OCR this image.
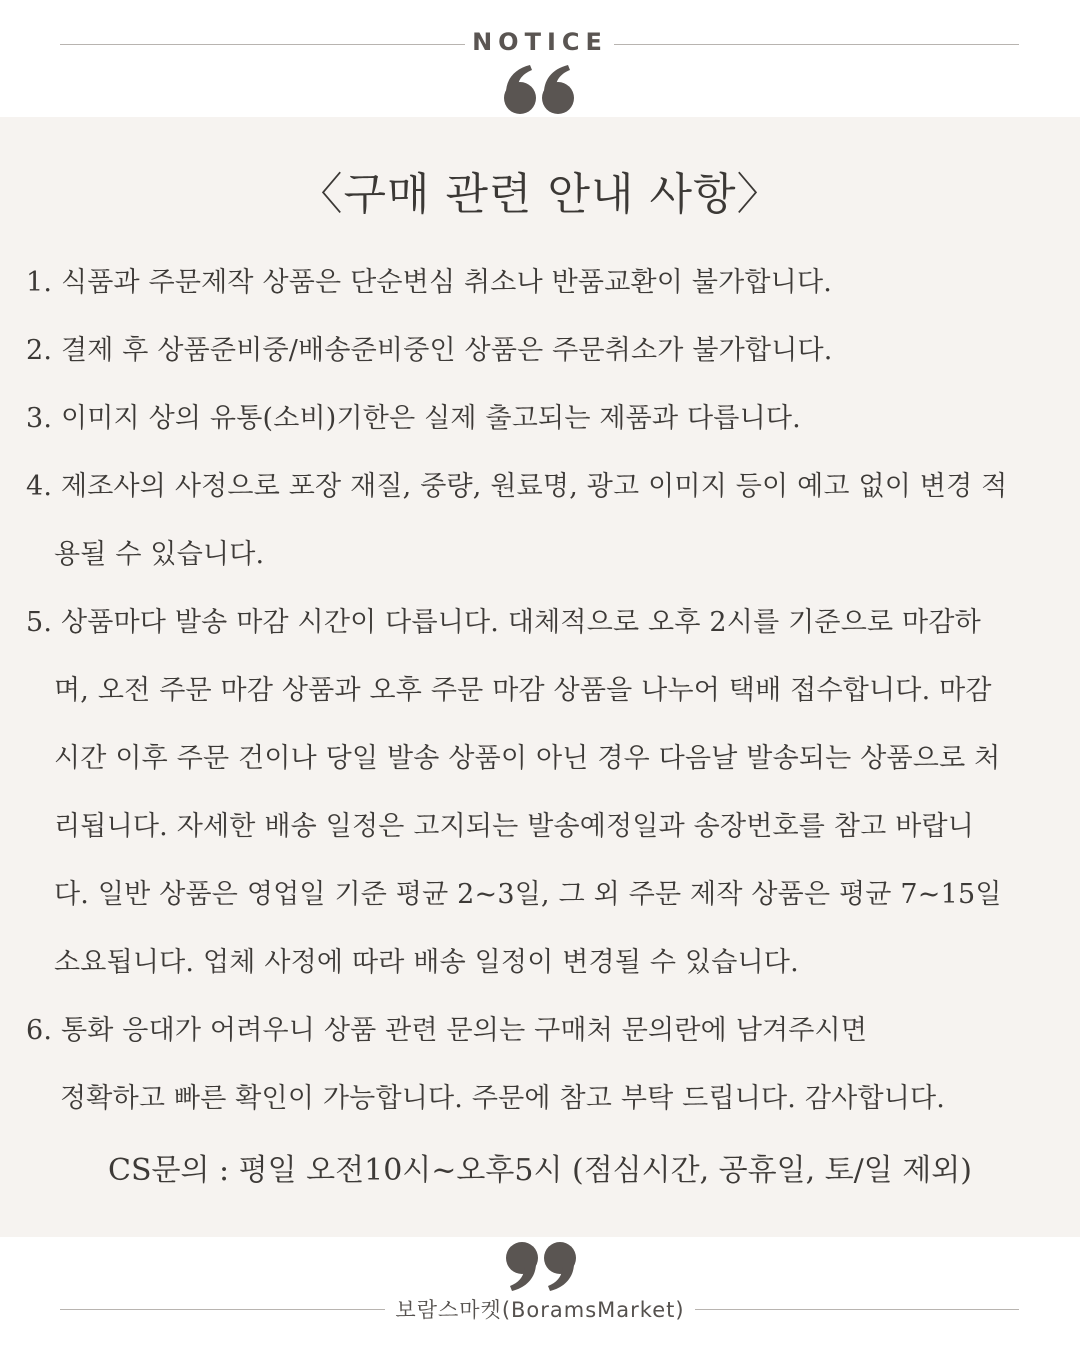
NOTICE
〈구매 관련 안내 사항〉
1. 식품과 주문제작 상품은 단순변심 취소나 반품교환이 불가합니다.
2. 결제 후 상품준비중/배송준비중인 상품은 주문취소가 불가합니다.
3. 이미지 상의 유통(소비)기한은 실제 출고되는 제품과 다릅니다.
4. 제조사의 사정으로 포장 재질, 중량, 원료명, 광고 이미지 등이 예고 없이 변경 적
용될 수 있습니다.
5. 상품마다 발송 마감 시간이 다릅니다. 대체적으로 오후 2시를 기준으로 마감하
며, 오전 주문 마감 상품과 오후 주문 마감 상품을 나누어 택배 접수합니다. 마감
시간 이후 주문 건이나 당일 발송 상품이 아닌 경우 다음날 발송되는 상품으로 처
리됩니다. 자세한 배송 일정은 고지되는 발송예정일과 송장번호를 참고 바랍니
다. 일반 상품은 영업일 기준 평균 2~3일, 그 외 주문 제작 상품은 평균 7~15일
소요됩니다. 업체 사정에 따라 배송 일정이 변경될 수 있습니다.
6. 통화 응대가 어려우니 상품 관련 문의는 구매처 문의란에 남겨주시면
정확하고 빠른 확인이 가능합니다. 주문에 참고 부탁 드립니다. 감사합니다.
CS문의 : 평일 오전10시~오후5시 (점심시간, 공휴일, 토/일 제외)
보람스마켓(BoramsMarket)
